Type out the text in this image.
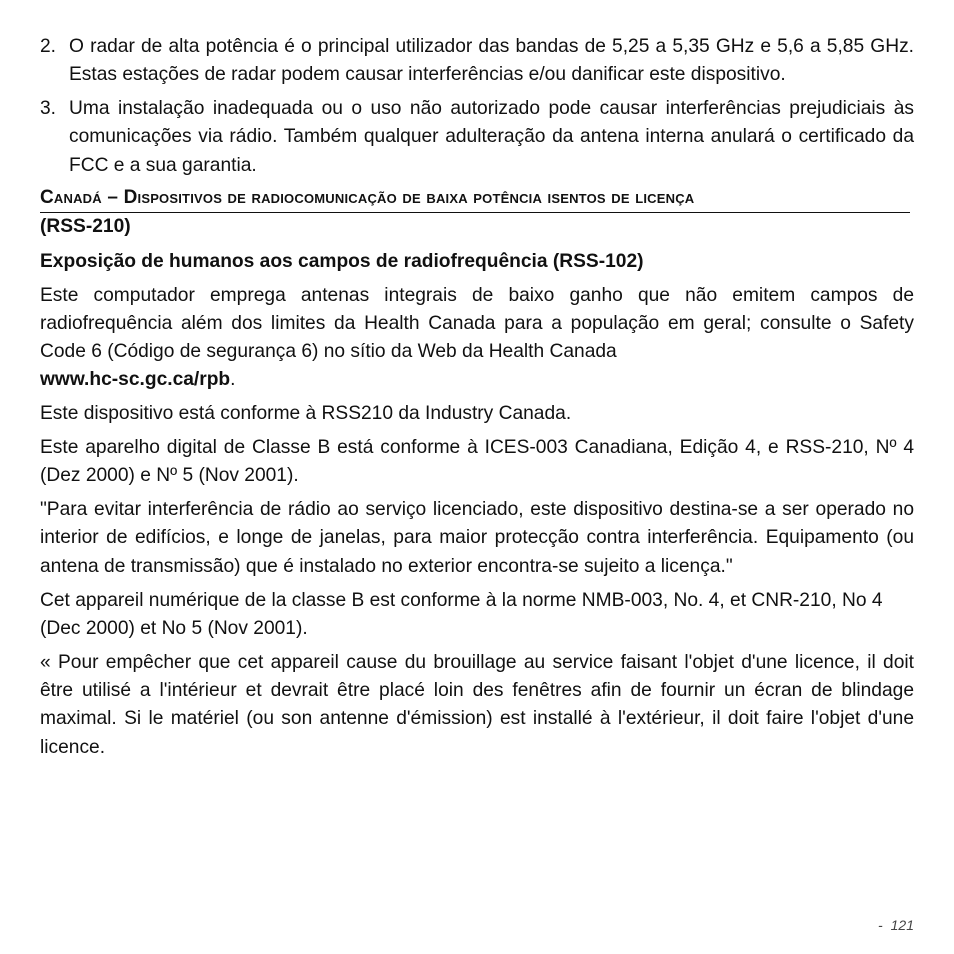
2. O radar de alta potência é o principal utilizador das bandas de 5,25 a 5,35 GHz e 5,6 a 5,85 GHz. Estas estações de radar podem causar interferências e/ou danificar este dispositivo.
3. Uma instalação inadequada ou o uso não autorizado pode causar interferências prejudiciais às comunicações via rádio. Também qualquer adulteração da antena interna anulará o certificado da FCC e a sua garantia.
Canadá – Dispositivos de radiocomunicação de baixa potência isentos de licença
(RSS-210)
Exposição de humanos aos campos de radiofrequência (RSS-102)

Este computador emprega antenas integrais de baixo ganho que não emitem campos de radiofrequência além dos limites da Health Canada para a população em geral; consulte o Safety Code 6 (Código de segurança 6) no sítio da Web da Health Canada
www.hc-sc.gc.ca/rpb.

Este dispositivo está conforme à RSS210 da Industry Canada.

Este aparelho digital de Classe B está conforme à ICES-003 Canadiana, Edição 4, e RSS-210, Nº 4 (Dez 2000) e Nº 5 (Nov 2001).

"Para evitar interferência de rádio ao serviço licenciado, este dispositivo destina-se a ser operado no interior de edifícios, e longe de janelas, para maior protecção contra interferência. Equipamento (ou antena de transmissão) que é instalado no exterior encontra-se sujeito a licença."

Cet appareil numérique de la classe B est conforme à la norme NMB-003, No. 4, et CNR-210, No 4 (Dec 2000) et No 5 (Nov 2001).

« Pour empêcher que cet appareil cause du brouillage au service faisant l'objet d'une licence, il doit être utilisé a l'intérieur et devrait être placé loin des fenêtres afin de fournir un écran de blindage maximal. Si le matériel (ou son antenne d'émission) est installé à l'extérieur, il doit faire l'objet d'une licence.

- 121
